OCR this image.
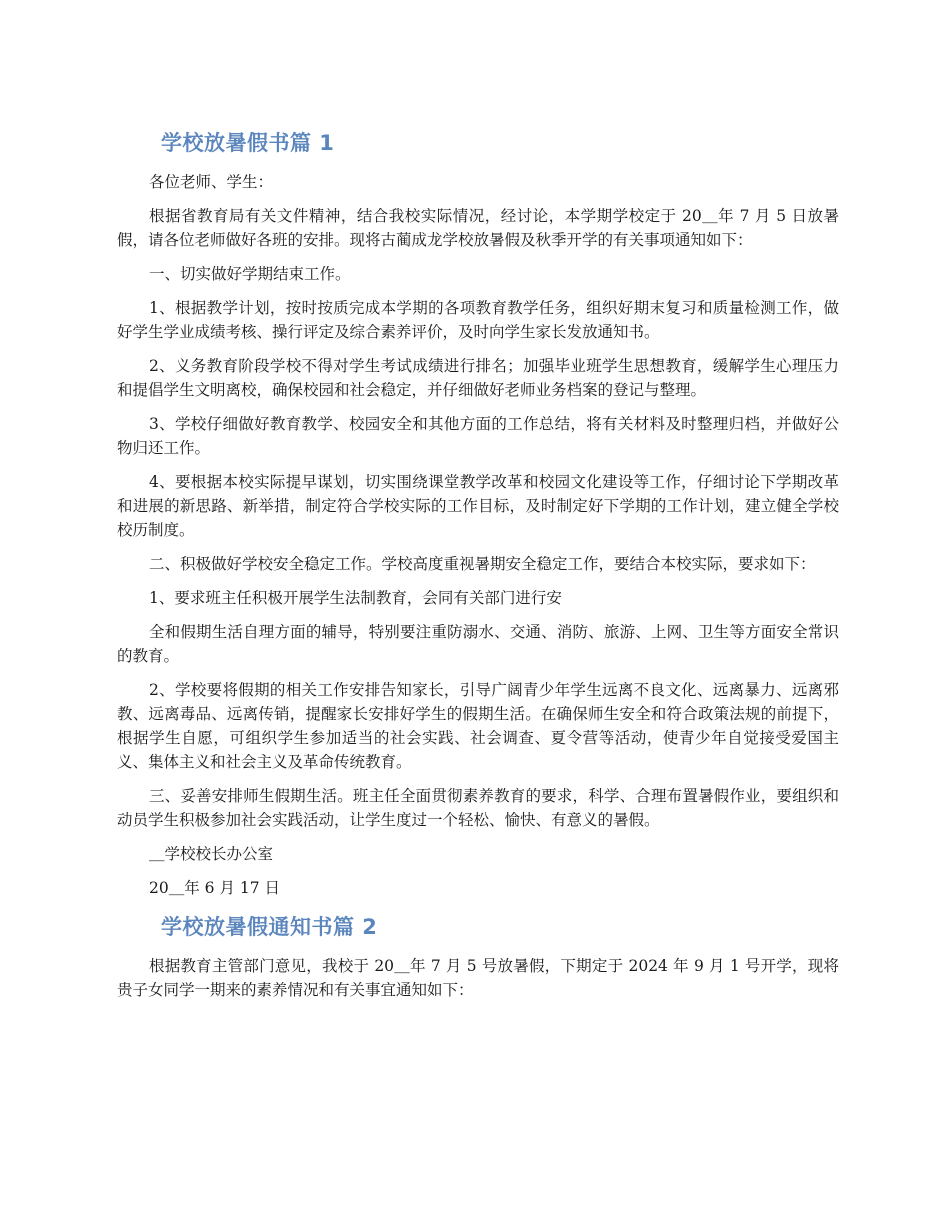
学校放暑假书篇 1

各位老师、学生：

根据省教育局有关文件精神，结合我校实际情况，经讨论，本学期学校定于 20＿年 7 月 5 日放暑假，请各位老师做好各班的安排。现将古蔺成龙学校放暑假及秋季开学的有关事项通知如下：

一、切实做好学期结束工作。

1、根据教学计划，按时按质完成本学期的各项教育教学任务，组织好期末复习和质量检测工作，做好学生学业成绩考核、操行评定及综合素养评价，及时向学生家长发放通知书。

2、义务教育阶段学校不得对学生考试成绩进行排名；加强毕业班学生思想教育，缓解学生心理压力和提倡学生文明离校，确保校园和社会稳定，并仔细做好老师业务档案的登记与整理。

3、学校仔细做好教育教学、校园安全和其他方面的工作总结，将有关材料及时整理归档，并做好公物归还工作。

4、要根据本校实际提早谋划，切实围绕课堂教学改革和校园文化建设等工作，仔细讨论下学期改革和进展的新思路、新举措，制定符合学校实际的工作目标，及时制定好下学期的工作计划，建立健全学校校历制度。

二、积极做好学校安全稳定工作。学校高度重视暑期安全稳定工作，要结合本校实际，要求如下：

1、要求班主任积极开展学生法制教育，会同有关部门进行安

全和假期生活自理方面的辅导，特别要注重防溺水、交通、消防、旅游、上网、卫生等方面安全常识的教育。

2、学校要将假期的相关工作安排告知家长，引导广阔青少年学生远离不良文化、远离暴力、远离邪教、远离毒品、远离传销，提醒家长安排好学生的假期生活。在确保师生安全和符合政策法规的前提下，根据学生自愿，可组织学生参加适当的社会实践、社会调查、夏令营等活动，使青少年自觉接受爱国主义、集体主义和社会主义及革命传统教育。

三、妥善安排师生假期生活。班主任全面贯彻素养教育的要求，科学、合理布置暑假作业，要组织和动员学生积极参加社会实践活动，让学生度过一个轻松、愉快、有意义的暑假。

＿学校校长办公室

20＿年 6 月 17 日

学校放暑假通知书篇 2

根据教育主管部门意见，我校于 20＿年 7 月 5 号放暑假，下期定于 2024 年 9 月 1 号开学，现将贵子女同学一期来的素养情况和有关事宜通知如下：
